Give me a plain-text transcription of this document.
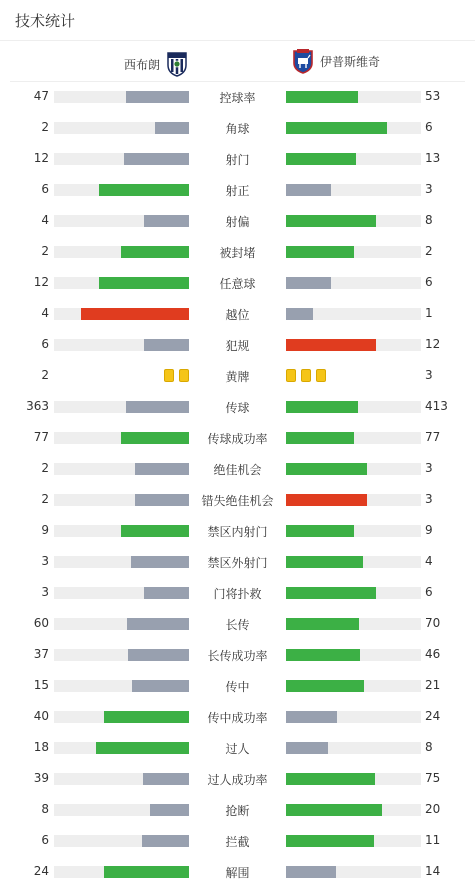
技术统计
西布朗	伊普斯维奇
47	控球率	53
2	角球	6
12	射门	13
6	射正	3
4	射偏	8
2	被封堵	2
12	任意球	6
4	越位	1
6	犯规	12
2	黄牌	3
363	传球	413
77	传球成功率	77
2	绝佳机会	3
2	错失绝佳机会	3
9	禁区内射门	9
3	禁区外射门	4
3	门将扑救	6
60	长传	70
37	长传成功率	46
15	传中	21
40	传中成功率	24
18	过人	8
39	过人成功率	75
8	抢断	20
6	拦截	11
24	解围	14
